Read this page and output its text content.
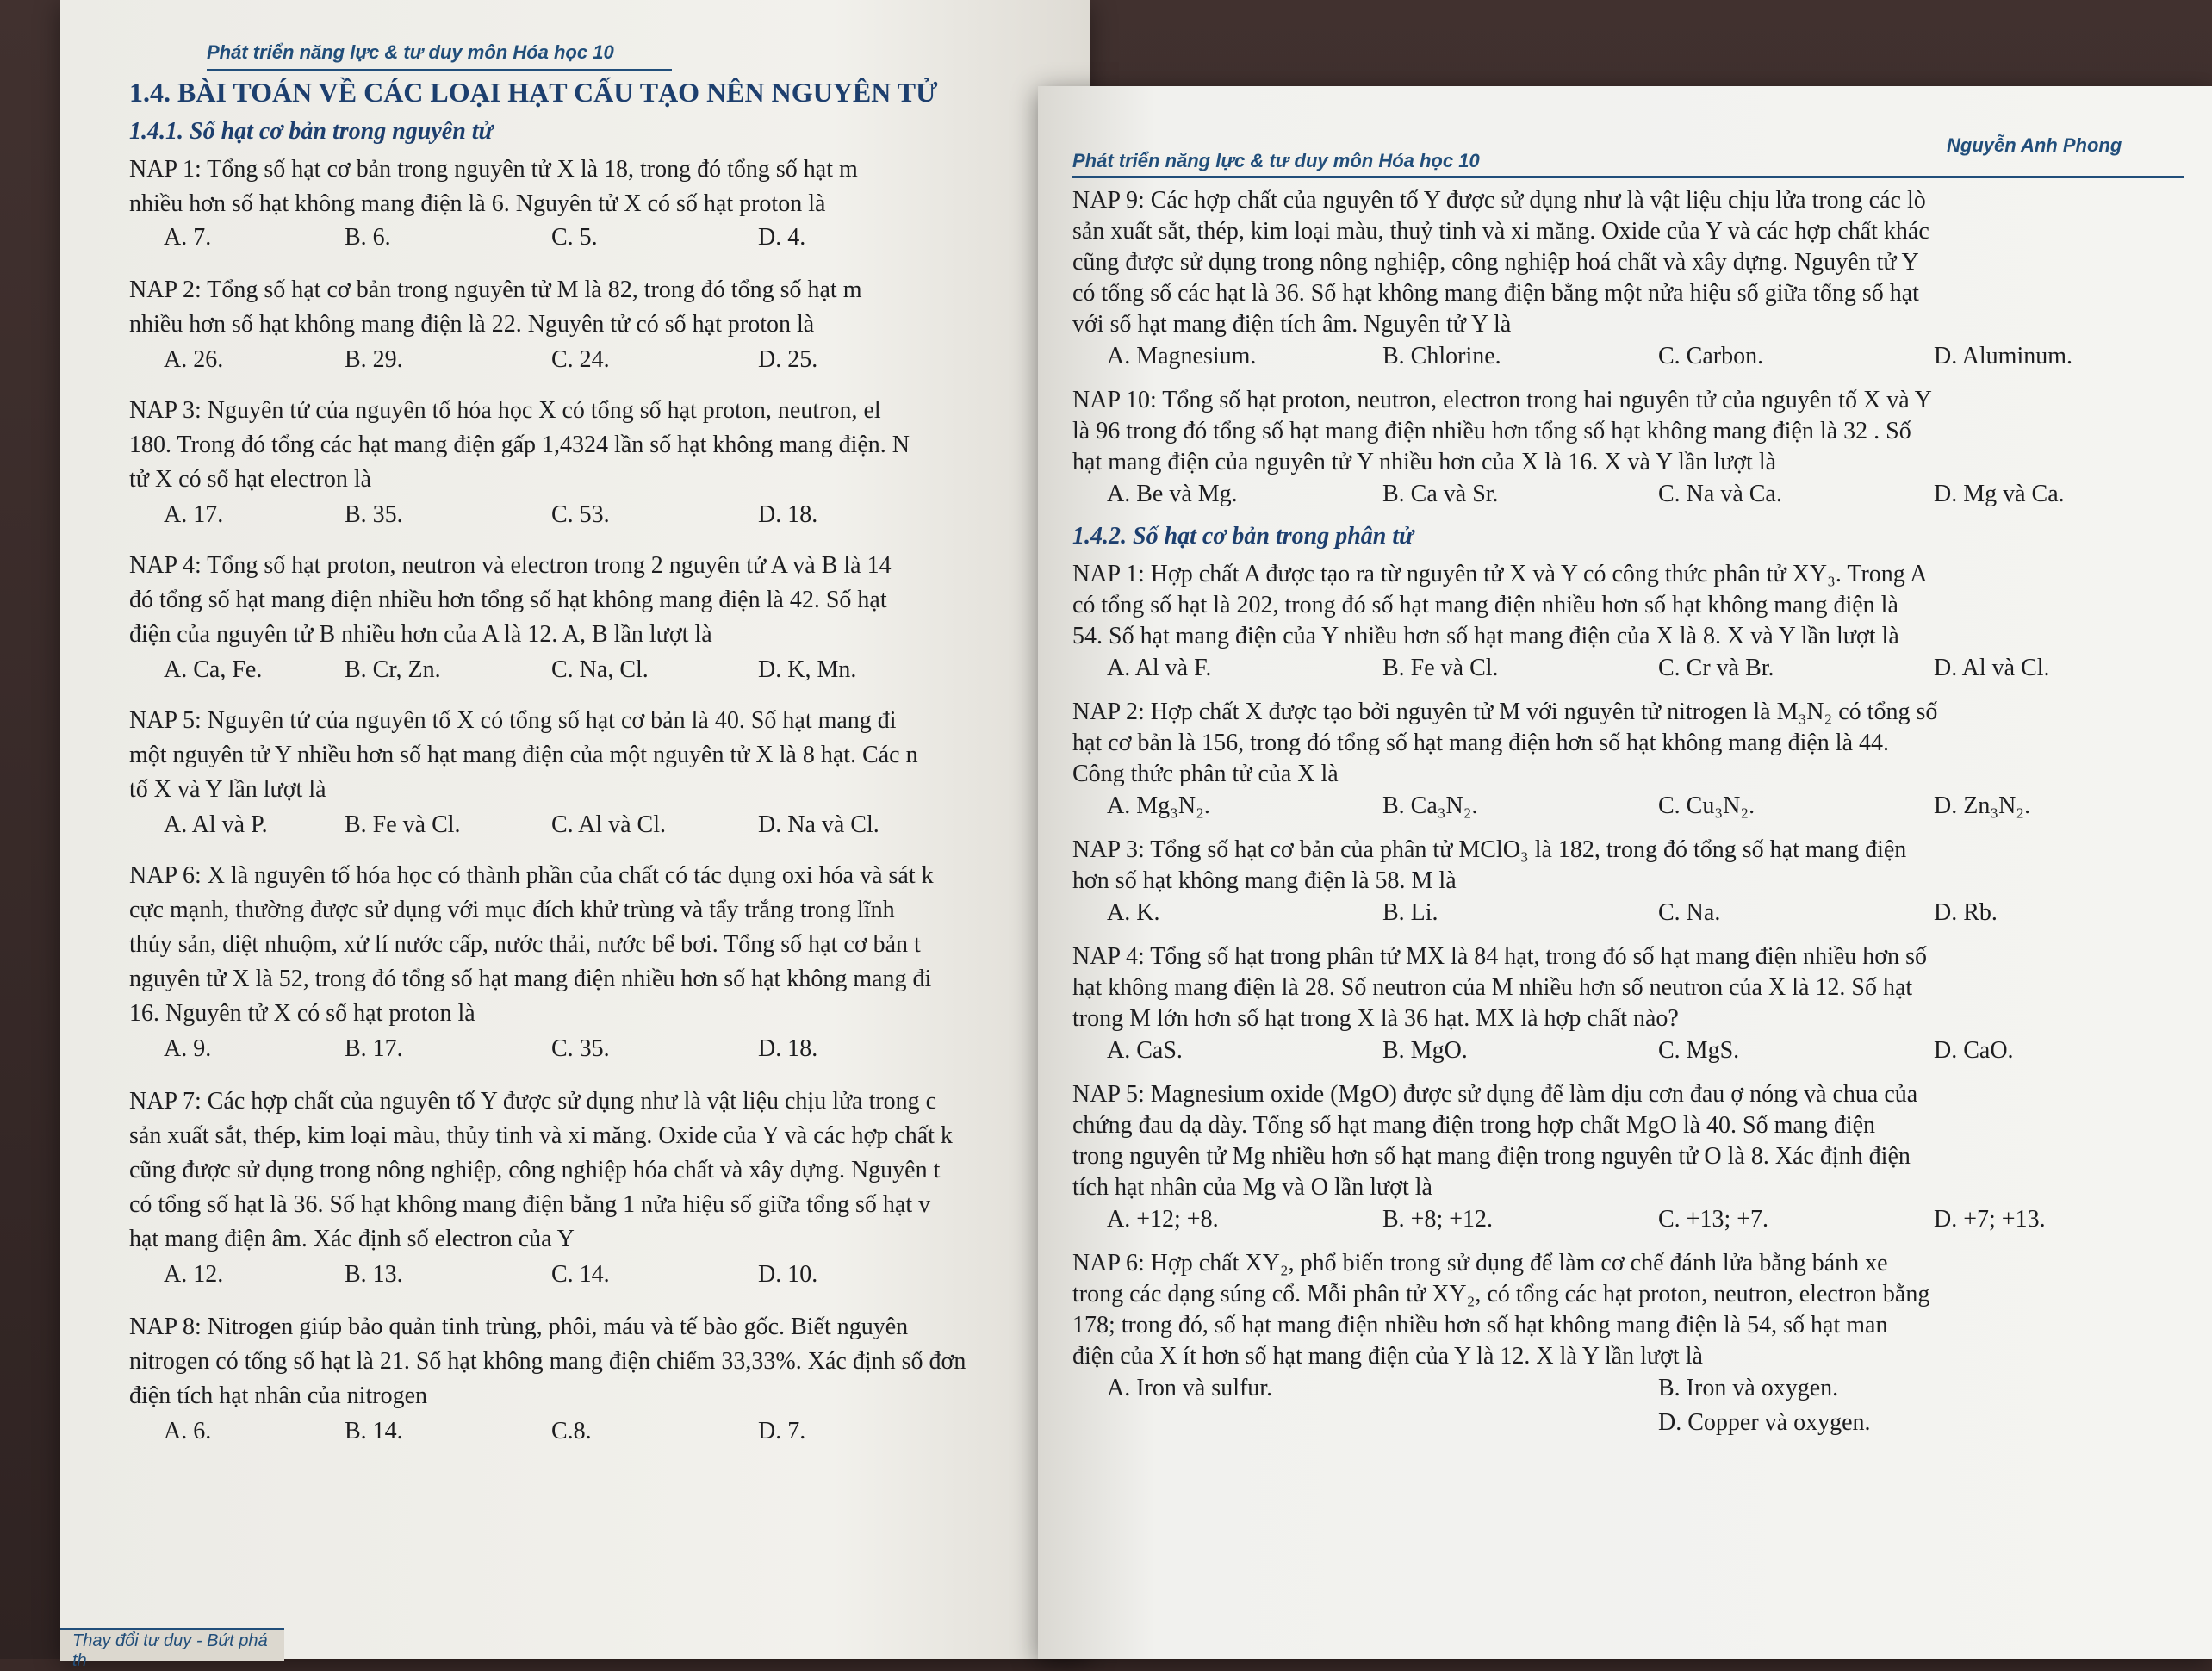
Phát triển năng lực & tư duy môn Hóa học 10
1.4. BÀI TOÁN VỀ CÁC LOẠI HẠT CẤU TẠO NÊN NGUYÊN TỬ
1.4.1. Số hạt cơ bản trong nguyên tử
NAP 1: Tổng số hạt cơ bản trong nguyên tử X là 18, trong đó tổng số hạt m
nhiều hơn số hạt không mang điện là 6. Nguyên tử X có số hạt proton là
A. 7.	B. 6.	C. 5.	D. 4.
NAP 2: Tổng số hạt cơ bản trong nguyên tử M là 82, trong đó tổng số hạt m
nhiều hơn số hạt không mang điện là 22. Nguyên tử có số hạt proton là
A. 26.	B. 29.	C. 24.	D. 25.
NAP 3: Nguyên tử của nguyên tố hóa học X có tổng số hạt proton, neutron, el
180. Trong đó tổng các hạt mang điện gấp 1,4324 lần số hạt không mang điện. N
tử X có số hạt electron là
A. 17.	B. 35.	C. 53.	D. 18.
NAP 4: Tổng số hạt proton, neutron và electron trong 2 nguyên tử A và B là 14
đó tổng số hạt mang điện nhiều hơn tổng số hạt không mang điện là 42. Số hạt
điện của nguyên tử B nhiều hơn của A là 12. A, B lần lượt là
A. Ca, Fe.	B. Cr, Zn.	C. Na, Cl.	D. K, Mn.
NAP 5: Nguyên tử của nguyên tố X có tổng số hạt cơ bản là 40. Số hạt mang đi
một nguyên tử Y nhiều hơn số hạt mang điện của một nguyên tử X là 8 hạt. Các n
tố X và Y lần lượt là
A. Al và P.	B. Fe và Cl.	C. Al và Cl.	D. Na và Cl.
NAP 6: X là nguyên tố hóa học có thành phần của chất có tác dụng oxi hóa và sát k
cực mạnh, thường được sử dụng với mục đích khử trùng và tẩy trắng trong lĩnh
thủy sản, diệt nhuộm, xử lí nước cấp, nước thải, nước bể bơi. Tổng số hạt cơ bản t
nguyên tử X là 52, trong đó tổng số hạt mang điện nhiều hơn số hạt không mang đi
16. Nguyên tử X có số hạt proton là
A. 9.	B. 17.	C. 35.	D. 18.
NAP 7: Các hợp chất của nguyên tố Y được sử dụng như là vật liệu chịu lửa trong c
sản xuất sắt, thép, kim loại màu, thủy tinh và xi măng. Oxide của Y và các hợp chất k
cũng được sử dụng trong nông nghiệp, công nghiệp hóa chất và xây dựng. Nguyên t
có tổng số hạt là 36. Số hạt không mang điện bằng 1 nửa hiệu số giữa tổng số hạt v
hạt mang điện âm. Xác định số electron của Y
A. 12.	B. 13.	C. 14.	D. 10.
NAP 8: Nitrogen giúp bảo quản tinh trùng, phôi, máu và tế bào gốc. Biết nguyên
nitrogen có tổng số hạt là 21. Số hạt không mang điện chiếm 33,33%. Xác định số đơn
điện tích hạt nhân của nitrogen
A. 6.	B. 14.	C.8.	D. 7.
Thay đổi tư duy - Bứt phá th
Phát triển năng lực & tư duy môn Hóa học 10
Nguyễn Anh Phong
NAP 9: Các hợp chất của nguyên tố Y được sử dụng như là vật liệu chịu lửa trong các lò
sản xuất sắt, thép, kim loại màu, thuỷ tinh và xi măng. Oxide của Y và các hợp chất khác
cũng được sử dụng trong nông nghiệp, công nghiệp hoá chất và xây dựng. Nguyên tử Y
có tổng số các hạt là 36. Số hạt không mang điện bằng một nửa hiệu số giữa tổng số hạt
với số hạt mang điện tích âm. Nguyên tử Y là
A. Magnesium.	B. Chlorine.	C. Carbon.	D. Aluminum.
NAP 10: Tổng số hạt proton, neutron, electron trong hai nguyên tử của nguyên tố X và Y
là 96 trong đó tổng số hạt mang điện nhiều hơn tổng số hạt không mang điện là 32 . Số
hạt mang điện của nguyên tử Y nhiều hơn của X là 16. X và Y lần lượt là
A. Be và Mg.	B. Ca và Sr.	C. Na và Ca.	D. Mg và Ca.
1.4.2. Số hạt cơ bản trong phân tử
NAP 1: Hợp chất A được tạo ra từ nguyên tử X và Y có công thức phân tử XY₃. Trong A
có tổng số hạt là 202, trong đó số hạt mang điện nhiều hơn số hạt không mang điện là
54. Số hạt mang điện của Y nhiều hơn số hạt mang điện của X là 8. X và Y lần lượt là
A. Al và F.	B. Fe và Cl.	C. Cr và Br.	D. Al và Cl.
NAP 2: Hợp chất X được tạo bởi nguyên tử M với nguyên tử nitrogen là M₃N₂ có tổng số
hạt cơ bản là 156, trong đó tổng số hạt mang điện hơn số hạt không mang điện là 44.
Công thức phân tử của X là
A. Mg₃N₂.	B. Ca₃N₂.	C. Cu₃N₂.	D. Zn₃N₂.
NAP 3: Tổng số hạt cơ bản của phân tử MClO₃ là 182, trong đó tổng số hạt mang điện
hơn số hạt không mang điện là 58. M là
A. K.	B. Li.	C. Na.	D. Rb.
NAP 4: Tổng số hạt trong phân tử MX là 84 hạt, trong đó số hạt mang điện nhiều hơn số
hạt không mang điện là 28. Số neutron của M nhiều hơn số neutron của X là 12. Số hạt
trong M lớn hơn số hạt trong X là 36 hạt. MX là hợp chất nào?
A. CaS.	B. MgO.	C. MgS.	D. CaO.
NAP 5: Magnesium oxide (MgO) được sử dụng để làm dịu cơn đau ợ nóng và chua của
chứng đau dạ dày. Tổng số hạt mang điện trong hợp chất MgO là 40. Số mang điện
trong nguyên tử Mg nhiều hơn số hạt mang điện trong nguyên tử O là 8. Xác định điện
tích hạt nhân của Mg và O lần lượt là
A. +12; +8.	B. +8; +12.	C. +13; +7.	D. +7; +13.
NAP 6: Hợp chất XY₂, phổ biến trong sử dụng để làm cơ chế đánh lửa bằng bánh xe
trong các dạng súng cổ. Mỗi phân tử XY₂, có tổng các hạt proton, neutron, electron bằng
178; trong đó, số hạt mang điện nhiều hơn số hạt không mang điện là 54, số hạt man
điện của X ít hơn số hạt mang điện của Y là 12. X là Y lần lượt là
A. Iron và sulfur.	B. Iron và oxygen.
D. Copper và oxygen.
